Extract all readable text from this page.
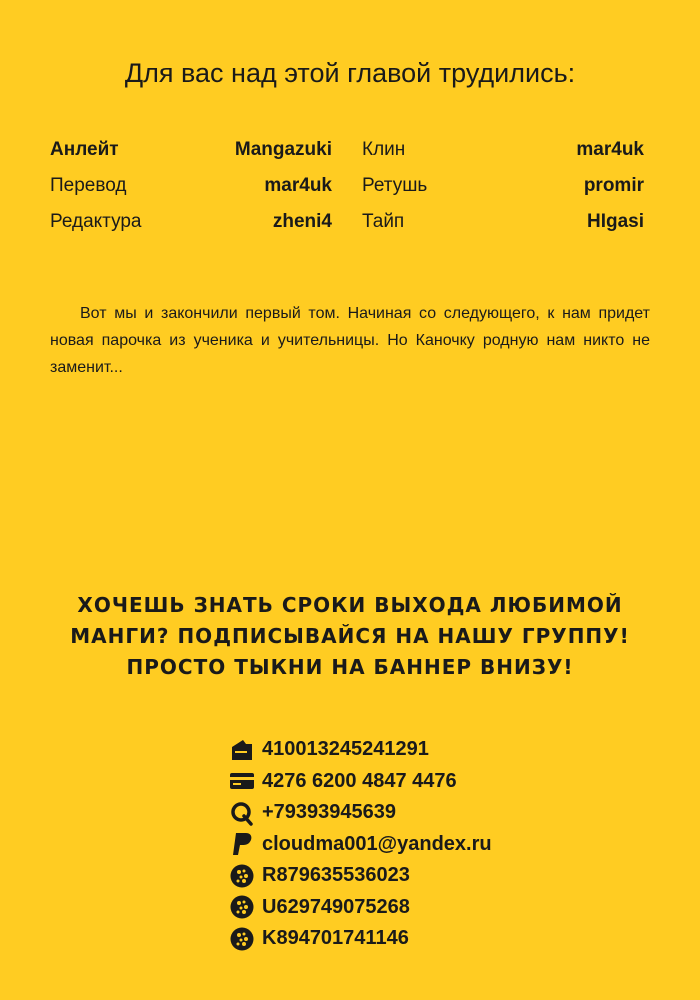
Для вас над этой главой трудились:
Анлейт	Mangazuki
Перевод	mar4uk
Редактура	zheni4
Клин	mar4uk
Ретушь	promir
Тайп	HIgasi
Вот мы и закончили первый том. Начиная со следующего, к нам придет новая парочка из ученика и учительницы. Но Каночку родную нам никто не заменит...
ХОЧЕШЬ ЗНАТЬ СРОКИ ВЫХОДА ЛЮБИМОЙ
МАНГИ? ПОДПИСЫВАЙСЯ НА НАШУ ГРУППУ!
ПРОСТО ТЫКНИ НА БАННЕР ВНИЗУ!
410013245241291
4276 6200 4847 4476
+79393945639
cloudma001@yandex.ru
R879635536023
U629749075268
K894701741146
